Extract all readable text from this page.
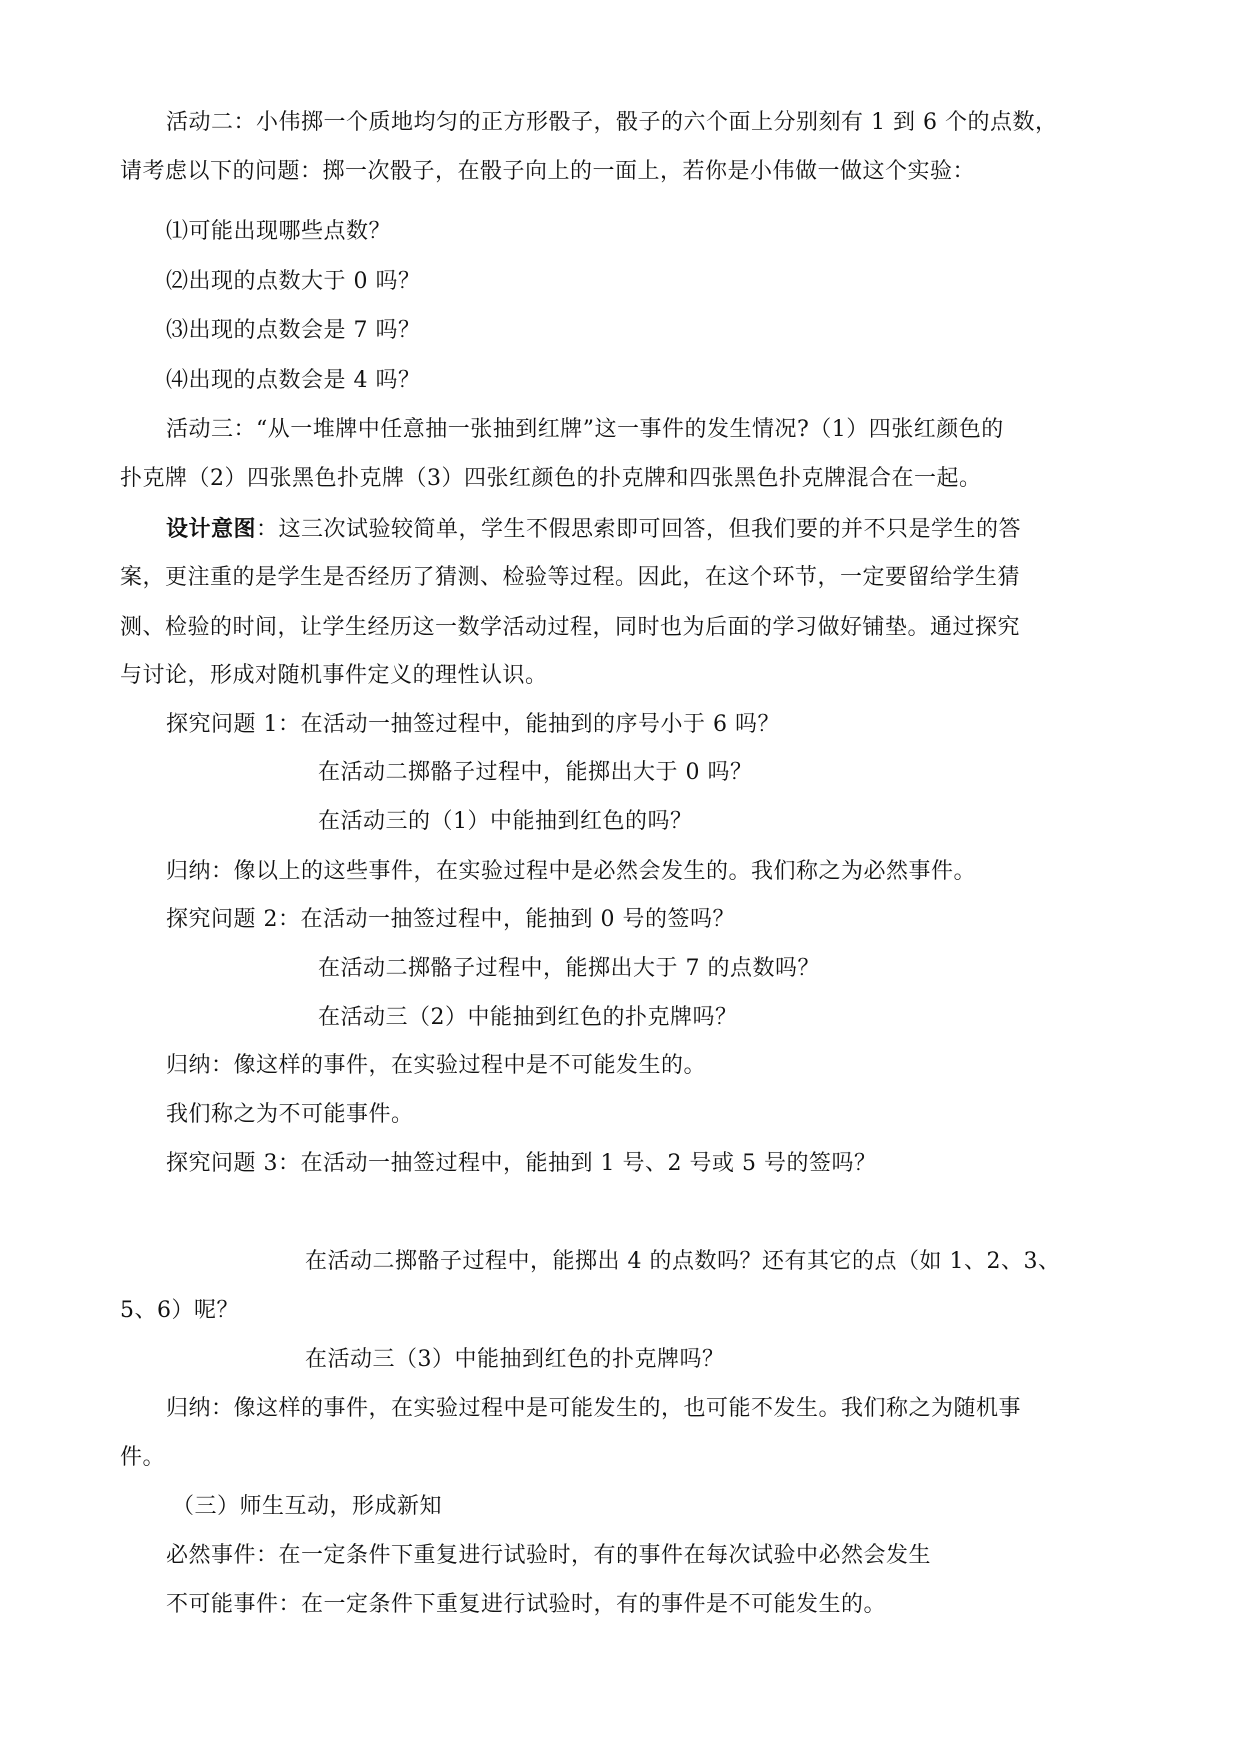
活动二：小伟掷一个质地均匀的正方形骰子，骰子的六个面上分别刻有 1 到 6 个的点数，
请考虑以下的问题：掷一次骰子，在骰子向上的一面上，若你是小伟做一做这个实验：
⑴可能出现哪些点数？
⑵出现的点数大于 0 吗？
⑶出现的点数会是 7 吗？
⑷出现的点数会是 4 吗？
活动三：“从一堆牌中任意抽一张抽到红牌”这一事件的发生情况?（1）四张红颜色的
扑克牌（2）四张黑色扑克牌（3）四张红颜色的扑克牌和四张黑色扑克牌混合在一起。
设计意图：这三次试验较简单，学生不假思索即可回答，但我们要的并不只是学生的答
案，更注重的是学生是否经历了猜测、检验等过程。因此，在这个环节，一定要留给学生猜
测、检验的时间，让学生经历这一数学活动过程，同时也为后面的学习做好铺垫。通过探究
与讨论，形成对随机事件定义的理性认识。
探究问题 1：在活动一抽签过程中，能抽到的序号小于 6 吗？
在活动二掷骼子过程中，能掷出大于 0 吗？
在活动三的（1）中能抽到红色的吗？
归纳：像以上的这些事件，在实验过程中是必然会发生的。我们称之为必然事件。
探究问题 2：在活动一抽签过程中，能抽到 0 号的签吗？
在活动二掷骼子过程中，能掷出大于 7 的点数吗？
在活动三（2）中能抽到红色的扑克牌吗？
归纳：像这样的事件，在实验过程中是不可能发生的。
我们称之为不可能事件。
探究问题 3：在活动一抽签过程中，能抽到 1 号、2 号或 5 号的签吗？
在活动二掷骼子过程中，能掷出 4 的点数吗？还有其它的点（如 1、2、3、
5、6）呢？
在活动三（3）中能抽到红色的扑克牌吗？
归纳：像这样的事件，在实验过程中是可能发生的，也可能不发生。我们称之为随机事
件。
（三）师生互动，形成新知
必然事件：在一定条件下重复进行试验时，有的事件在每次试验中必然会发生
不可能事件：在一定条件下重复进行试验时，有的事件是不可能发生的。
